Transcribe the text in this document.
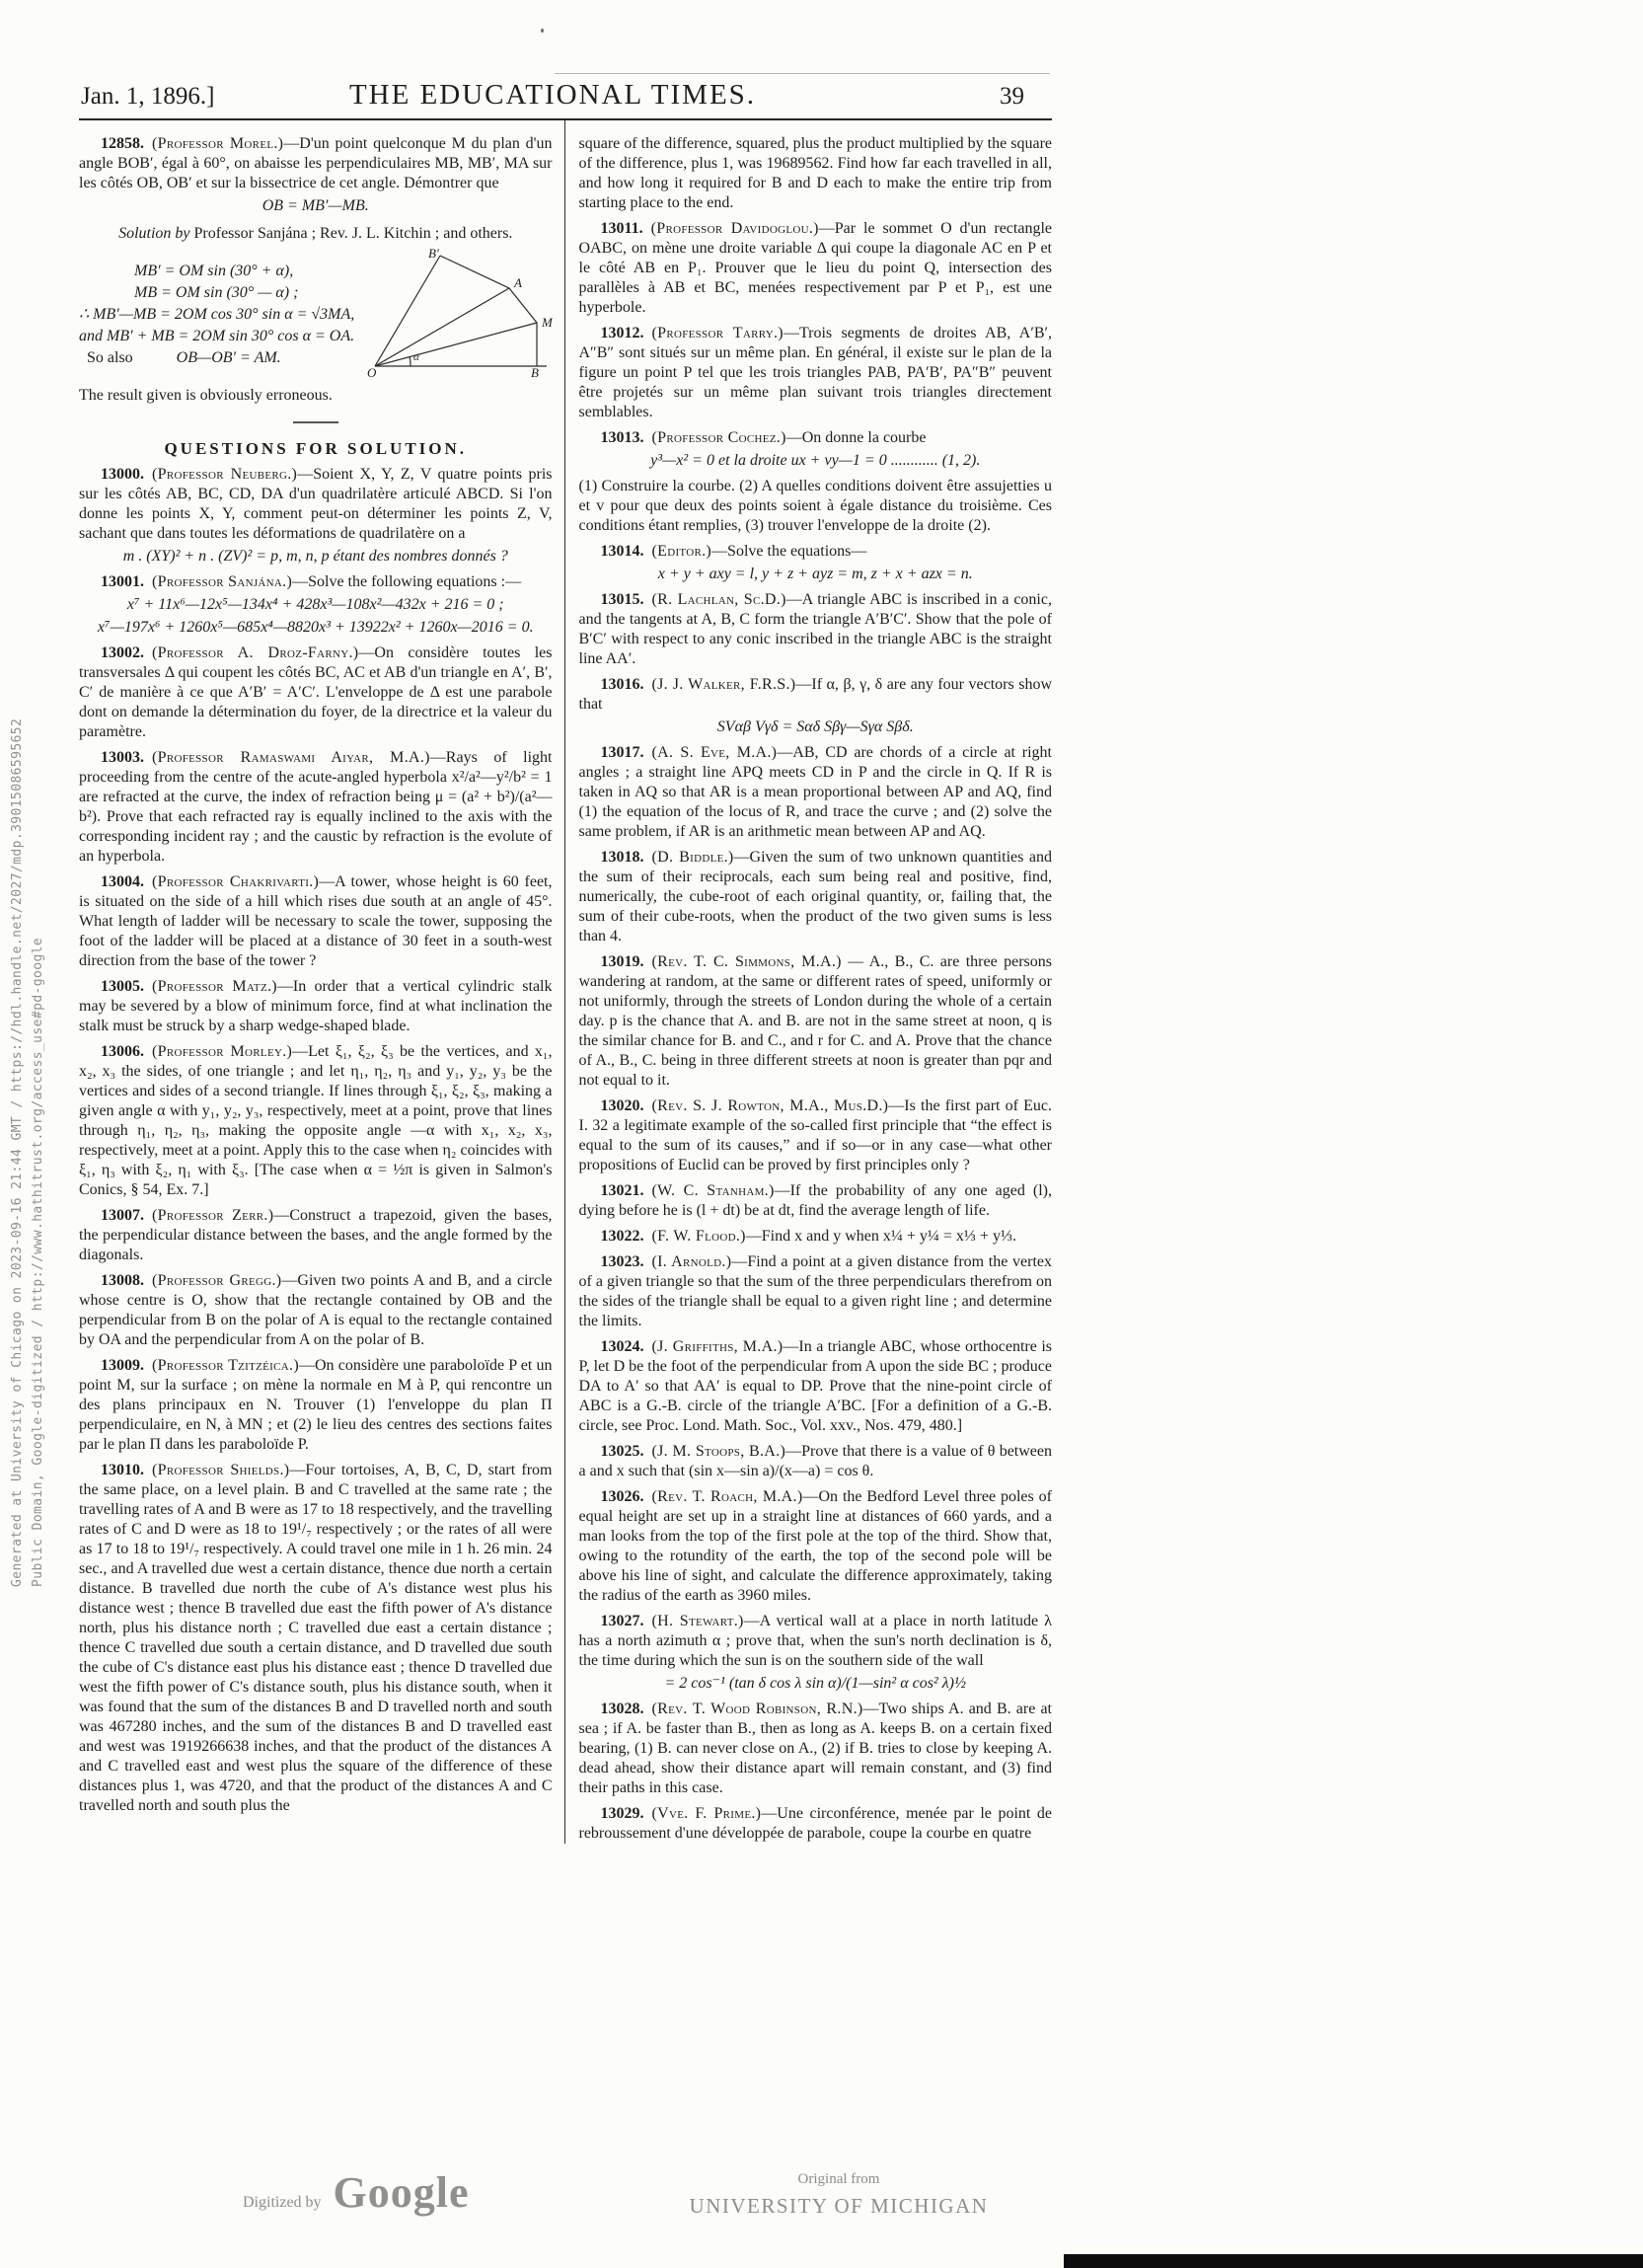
Generated at University of Chicago on 2023-09-16 21:44 GMT / https://hdl.handle.net/2027/mdp.39015086595652 Public Domain, Google-digitized / http://www.hathitrust.org/access_use#pd-google
Jan. 1, 1896.]	THE EDUCATIONAL TIMES.	39

12858.  (Professor Morel.)—D'un point quelconque M du plan d'un angle BOB′, égal à 60°, on abaisse les perpendiculaires MB, MB′, MA sur les côtés OB, OB′ et sur la bissectrice de cet angle. Démontrer que

OB = MB′—MB.

Solution by Professor Sanjána ; Rev. J. L. Kitchin ; and others.

MB′ = OM sin (30° + α),
MB = OM sin (30° — α) ;
∴ MB′—MB = 2OM cos 30° sin α = √3MA,
and MB′ + MB = 2OM sin 30° cos α = OA.
So also	OB—OB′ = AM.
B′
A
M
O	B
α

The result given is obviously erroneous.

QUESTIONS FOR SOLUTION.

13000.  (Professor Neuberg.)—Soient X, Y, Z, V quatre points pris sur les côtés AB, BC, CD, DA d'un quadrilatère articulé ABCD. Si l'on donne les points X, Y, comment peut-on déterminer les points Z, V, sachant que dans toutes les déformations de quadrilatère on a

m . (XY)² + n . (ZV)² = p, m, n, p étant des nombres donnés ?

13001.  (Professor Sanjána.)—Solve the following equations :—

x⁷ + 11x⁶—12x⁵—134x⁴ + 428x³—108x²—432x + 216 = 0 ;
x⁷—197x⁶ + 1260x⁵—685x⁴—8820x³ + 13922x² + 1260x—2016 = 0.

13002.  (Professor A. Droz-Farny.)—On considère toutes les transversales Δ qui coupent les côtés BC, AC et AB d'un triangle en A′, B′, C′ de manière à ce que A′B′ = A′C′. L'enveloppe de Δ est une parabole dont on demande la détermination du foyer, de la directrice et la valeur du paramètre.

13003.  (Professor Ramaswami Aiyar, M.A.)—Rays of light proceeding from the centre of the acute-angled hyperbola x²/a²—y²/b² = 1 are refracted at the curve, the index of refraction being μ = (a² + b²)/(a²—b²). Prove that each refracted ray is equally inclined to the axis with the corresponding incident ray ; and the caustic by refraction is the evolute of an hyperbola.

13004.  (Professor Chakrivarti.)—A tower, whose height is 60 feet, is situated on the side of a hill which rises due south at an angle of 45°. What length of ladder will be necessary to scale the tower, supposing the foot of the ladder will be placed at a distance of 30 feet in a south-west direction from the base of the tower ?

13005.  (Professor Matz.)—In order that a vertical cylindric stalk may be severed by a blow of minimum force, find at what inclination the stalk must be struck by a sharp wedge-shaped blade.

13006.  (Professor Morley.)—Let ξ₁, ξ₂, ξ₃ be the vertices, and x₁, x₂, x₃ the sides, of one triangle ; and let η₁, η₂, η₃ and y₁, y₂, y₃ be the vertices and sides of a second triangle. If lines through ξ₁, ξ₂, ξ₃, making a given angle α with y₁, y₂, y₃, respectively, meet at a point, prove that lines through η₁, η₂, η₃, making the opposite angle —α with x₁, x₂, x₃, respectively, meet at a point. Apply this to the case when η₂ coincides with ξ₁, η₃ with ξ₂, η₁ with ξ₃. [The case when α = ½π is given in Salmon's Conics, § 54, Ex. 7.]

13007.  (Professor Zerr.)—Construct a trapezoid, given the bases, the perpendicular distance between the bases, and the angle formed by the diagonals.

13008.  (Professor Gregg.)—Given two points A and B, and a circle whose centre is O, show that the rectangle contained by OB and the perpendicular from B on the polar of A is equal to the rectangle contained by OA and the perpendicular from A on the polar of B.

13009.  (Professor Tzitzéica.)—On considère une paraboloïde P et un point M, sur la surface ; on mène la normale en M à P, qui rencontre un des plans principaux en N. Trouver (1) l'enveloppe du plan Π perpendiculaire, en N, à MN ; et (2) le lieu des centres des sections faites par le plan Π dans les paraboloïde P.

13010.  (Professor Shields.)—Four tortoises, A, B, C, D, start from the same place, on a level plain. B and C travelled at the same rate ; the travelling rates of A and B were as 17 to 18 respectively, and the travelling rates of C and D were as 18 to 19¹/₇ respectively ; or the rates of all were as 17 to 18 to 19¹/₇ respectively. A could travel one mile in 1 h. 26 min. 24 sec., and A travelled due west a certain distance, thence due north a certain distance. B travelled due north the cube of A's distance west plus his distance west ; thence B travelled due east the fifth power of A's distance north, plus his distance north ; C travelled due east a certain distance ; thence C travelled due south a certain distance, and D travelled due south the cube of C's distance east plus his distance east ; thence D travelled due west the fifth power of C's distance south, plus his distance south, when it was found that the sum of the distances B and D travelled north and south was 467280 inches, and the sum of the distances B and D travelled east and west was 1919266638 inches, and that the product of the distances A and C travelled east and west plus the square of the difference of these distances plus 1, was 4720, and that the product of the distances A and C travelled north and south plus the

square of the difference, squared, plus the product multiplied by the square of the difference, plus 1, was 19689562. Find how far each travelled in all, and how long it required for B and D each to make the entire trip from starting place to the end.

13011.  (Professor Davidoglou.)—Par le sommet O d'un rectangle OABC, on mène une droite variable Δ qui coupe la diagonale AC en P et le côté AB en P₁. Prouver que le lieu du point Q, intersection des parallèles à AB et BC, menées respectivement par P et P₁, est une hyperbole.

13012.  (Professor Tarry.)—Trois segments de droites AB, A′B′, A″B″ sont situés sur un même plan. En général, il existe sur le plan de la figure un point P tel que les trois triangles PAB, PA′B′, PA″B″ peuvent être projetés sur un même plan suivant trois triangles directement semblables.

13013.  (Professor Cochez.)—On donne la courbe

y³—x² = 0 et la droite ux + vy—1 = 0 ............ (1, 2).

(1) Construire la courbe. (2) A quelles conditions doivent être assujetties u et v pour que deux des points soient à égale distance du troisième. Ces conditions étant remplies, (3) trouver l'enveloppe de la droite (2).

13014.  (Editor.)—Solve the equations—

x + y + axy = l, y + z + ayz = m, z + x + azx = n.

13015.  (R. Lachlan, Sc.D.)—A triangle ABC is inscribed in a conic, and the tangents at A, B, C form the triangle A′B′C′. Show that the pole of B′C′ with respect to any conic inscribed in the triangle ABC is the straight line AA′.

13016.  (J. J. Walker, F.R.S.)—If α, β, γ, δ are any four vectors show that

SVαβ Vγδ = Sαδ Sβγ—Sγα Sβδ.

13017.  (A. S. Eve, M.A.)—AB, CD are chords of a circle at right angles ; a straight line APQ meets CD in P and the circle in Q. If R is taken in AQ so that AR is a mean proportional between AP and AQ, find (1) the equation of the locus of R, and trace the curve ; and (2) solve the same problem, if AR is an arithmetic mean between AP and AQ.

13018.  (D. Biddle.)—Given the sum of two unknown quantities and the sum of their reciprocals, each sum being real and positive, find, numerically, the cube-root of each original quantity, or, failing that, the sum of their cube-roots, when the product of the two given sums is less than 4.

13019.  (Rev. T. C. Simmons, M.A.) — A., B., C. are three persons wandering at random, at the same or different rates of speed, uniformly or not uniformly, through the streets of London during the whole of a certain day. p is the chance that A. and B. are not in the same street at noon, q is the similar chance for B. and C., and r for C. and A. Prove that the chance of A., B., C. being in three different streets at noon is greater than pqr and not equal to it.

13020.  (Rev. S. J. Rowton, M.A., Mus.D.)—Is the first part of Euc. I. 32 a legitimate example of the so-called first principle that “the effect is equal to the sum of its causes,” and if so—or in any case—what other propositions of Euclid can be proved by first principles only ?

13021.  (W. C. Stanham.)—If the probability of any one aged (l), dying before he is (l + dt) be at dt, find the average length of life.

13022.  (F. W. Flood.)—Find x and y when x¼ + y¼ = x⅓ + y⅓.

13023.  (I. Arnold.)—Find a point at a given distance from the vertex of a given triangle so that the sum of the three perpendiculars therefrom on the sides of the triangle shall be equal to a given right line ; and determine the limits.

13024.  (J. Griffiths, M.A.)—In a triangle ABC, whose orthocentre is P, let D be the foot of the perpendicular from A upon the side BC ; produce DA to A′ so that AA′ is equal to DP. Prove that the nine-point circle of ABC is a G.-B. circle of the triangle A′BC. [For a definition of a G.-B. circle, see Proc. Lond. Math. Soc., Vol. xxv., Nos. 479, 480.]

13025.  (J. M. Stoops, B.A.)—Prove that there is a value of θ between a and x such that (sin x—sin a)/(x—a) = cos θ.

13026.  (Rev. T. Roach, M.A.)—On the Bedford Level three poles of equal height are set up in a straight line at distances of 660 yards, and a man looks from the top of the first pole at the top of the third. Show that, owing to the rotundity of the earth, the top of the second pole will be above his line of sight, and calculate the difference approximately, taking the radius of the earth as 3960 miles.

13027.  (H. Stewart.)—A vertical wall at a place in north latitude λ has a north azimuth α ; prove that, when the sun's north declination is δ, the time during which the sun is on the southern side of the wall

= 2 cos⁻¹ (tan δ cos λ sin α)/(1—sin² α cos² λ)½

13028.  (Rev. T. Wood Robinson, R.N.)—Two ships A. and B. are at sea ; if A. be faster than B., then as long as A. keeps B. on a certain fixed bearing, (1) B. can never close on A., (2) if B. tries to close by keeping A. dead ahead, show their distance apart will remain constant, and (3) find their paths in this case.

13029.  (Vve. F. Prime.)—Une circonférence, menée par le point de rebroussement d'une développée de parabole, coupe la courbe en quatre

Digitized by Google	Original from
UNIVERSITY OF MICHIGAN
